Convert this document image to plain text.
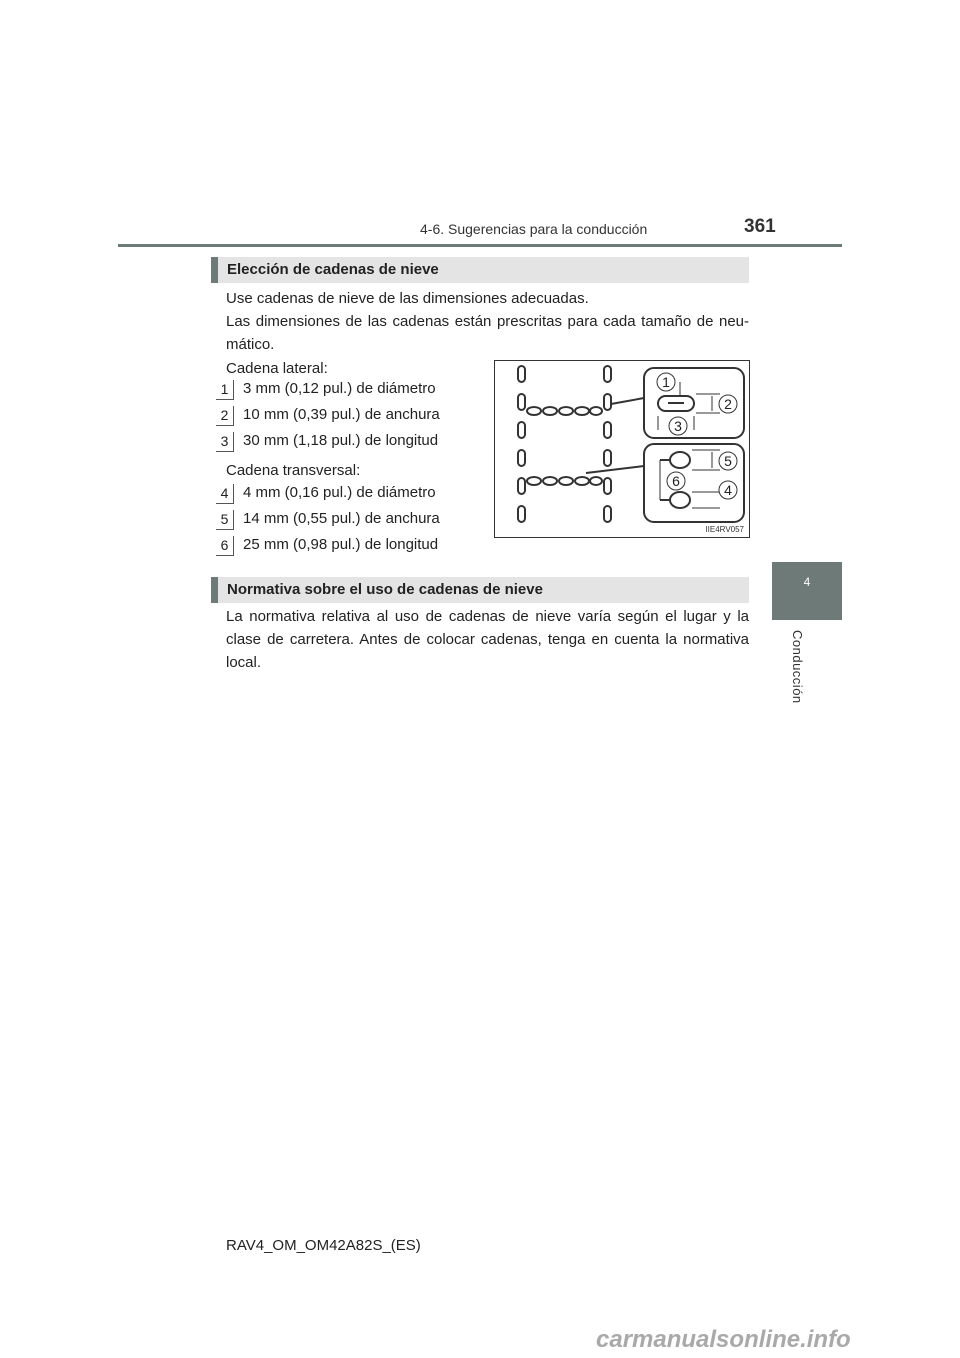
4-6. Sugerencias para la conducción	361
4
Conducción
Elección de cadenas de nieve
Use cadenas de nieve de las dimensiones adecuadas.
Las dimensiones de las cadenas están prescritas para cada tamaño de neu-mático.
Cadena lateral:
1 3 mm (0,12 pul.) de diámetro
2 10 mm (0,39 pul.) de anchura
3 30 mm (1,18 pul.) de longitud
Cadena transversal:
4 4 mm (0,16 pul.) de diámetro
5 14 mm (0,55 pul.) de anchura
6 25 mm (0,98 pul.) de longitud
1
2
3
4
5
6
IIE4RV057
Normativa sobre el uso de cadenas de nieve
La normativa relativa al uso de cadenas de nieve varía según el lugar y la clase de carretera. Antes de colocar cadenas, tenga en cuenta la normativa local.
RAV4_OM_OM42A82S_(ES)
carmanualsonline.info
